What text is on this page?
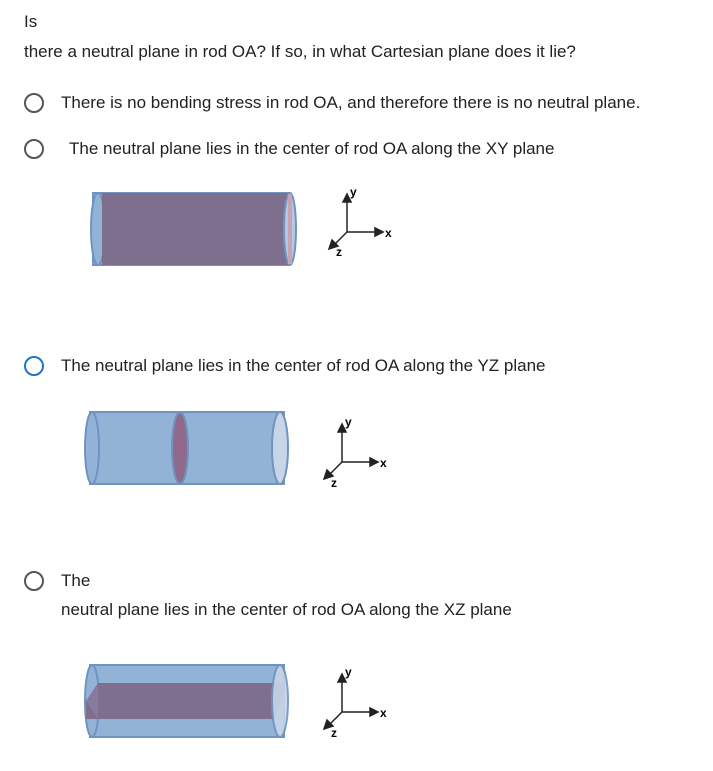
Is
there a neutral plane in rod OA? If so, in what Cartesian plane does it lie?
There is no bending stress in rod OA, and therefore there is no neutral plane.
The neutral plane lies in the center of rod OA along the XY plane
y
x
z
The neutral plane lies in the center of rod OA along the YZ plane
y
x
z
The
neutral plane lies in the center of rod OA along the XZ plane
y
x
z
